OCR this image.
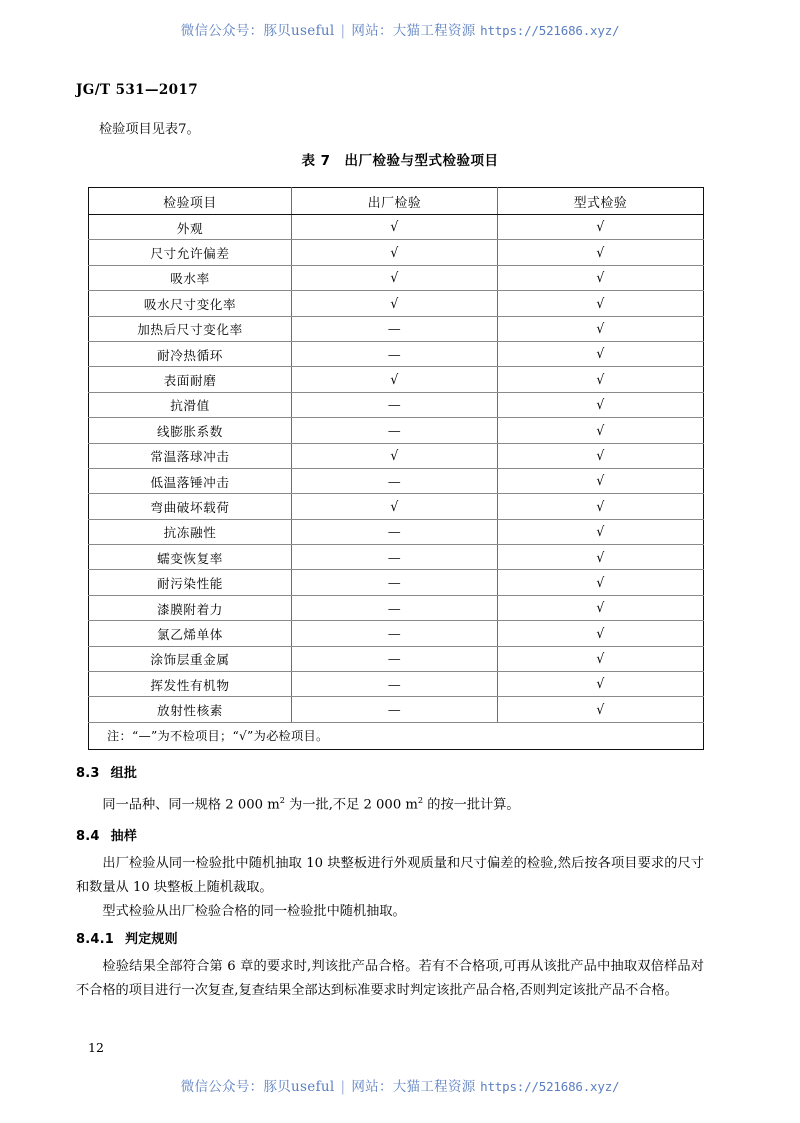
微信公众号：豚贝useful | 网站：大猫工程资源 https://521686.xyz/
JG/T 531—2017
检验项目见表7。
表 7 出厂检验与型式检验项目
检验项目	出厂检验	型式检验
外观	√	√
尺寸允许偏差	√	√
吸水率	√	√
吸水尺寸变化率	√	√
加热后尺寸变化率	—	√
耐冷热循环	—	√
表面耐磨	√	√
抗滑值	—	√
线膨胀系数	—	√
常温落球冲击	√	√
低温落锤冲击	—	√
弯曲破坏载荷	√	√
抗冻融性	—	√
蠕变恢复率	—	√
耐污染性能	—	√
漆膜附着力	—	√
氯乙烯单体	—	√
涂饰层重金属	—	√
挥发性有机物	—	√
放射性核素	—	√
注：“—”为不检项目；“√”为必检项目。		
8.3 组批

同一品种、同一规格 2 000 $m^2$ 为一批,不足 2 000 $m^2$ 的按一批计算。

8.4 抽样

出厂检验从同一检验批中随机抽取 10 块整板进行外观质量和尺寸偏差的检验,然后按各项目要求的尺寸和数量从 10 块整板上随机裁取。

型式检验从出厂检验合格的同一检验批中随机抽取。

8.4.1 判定规则

检验结果全部符合第 6 章的要求时,判该批产品合格。若有不合格项,可再从该批产品中抽取双倍样品对不合格的项目进行一次复查,复查结果全部达到标准要求时判定该批产品合格,否则判定该批产品不合格。

12
微信公众号：豚贝useful | 网站：大猫工程资源 https://521686.xyz/
